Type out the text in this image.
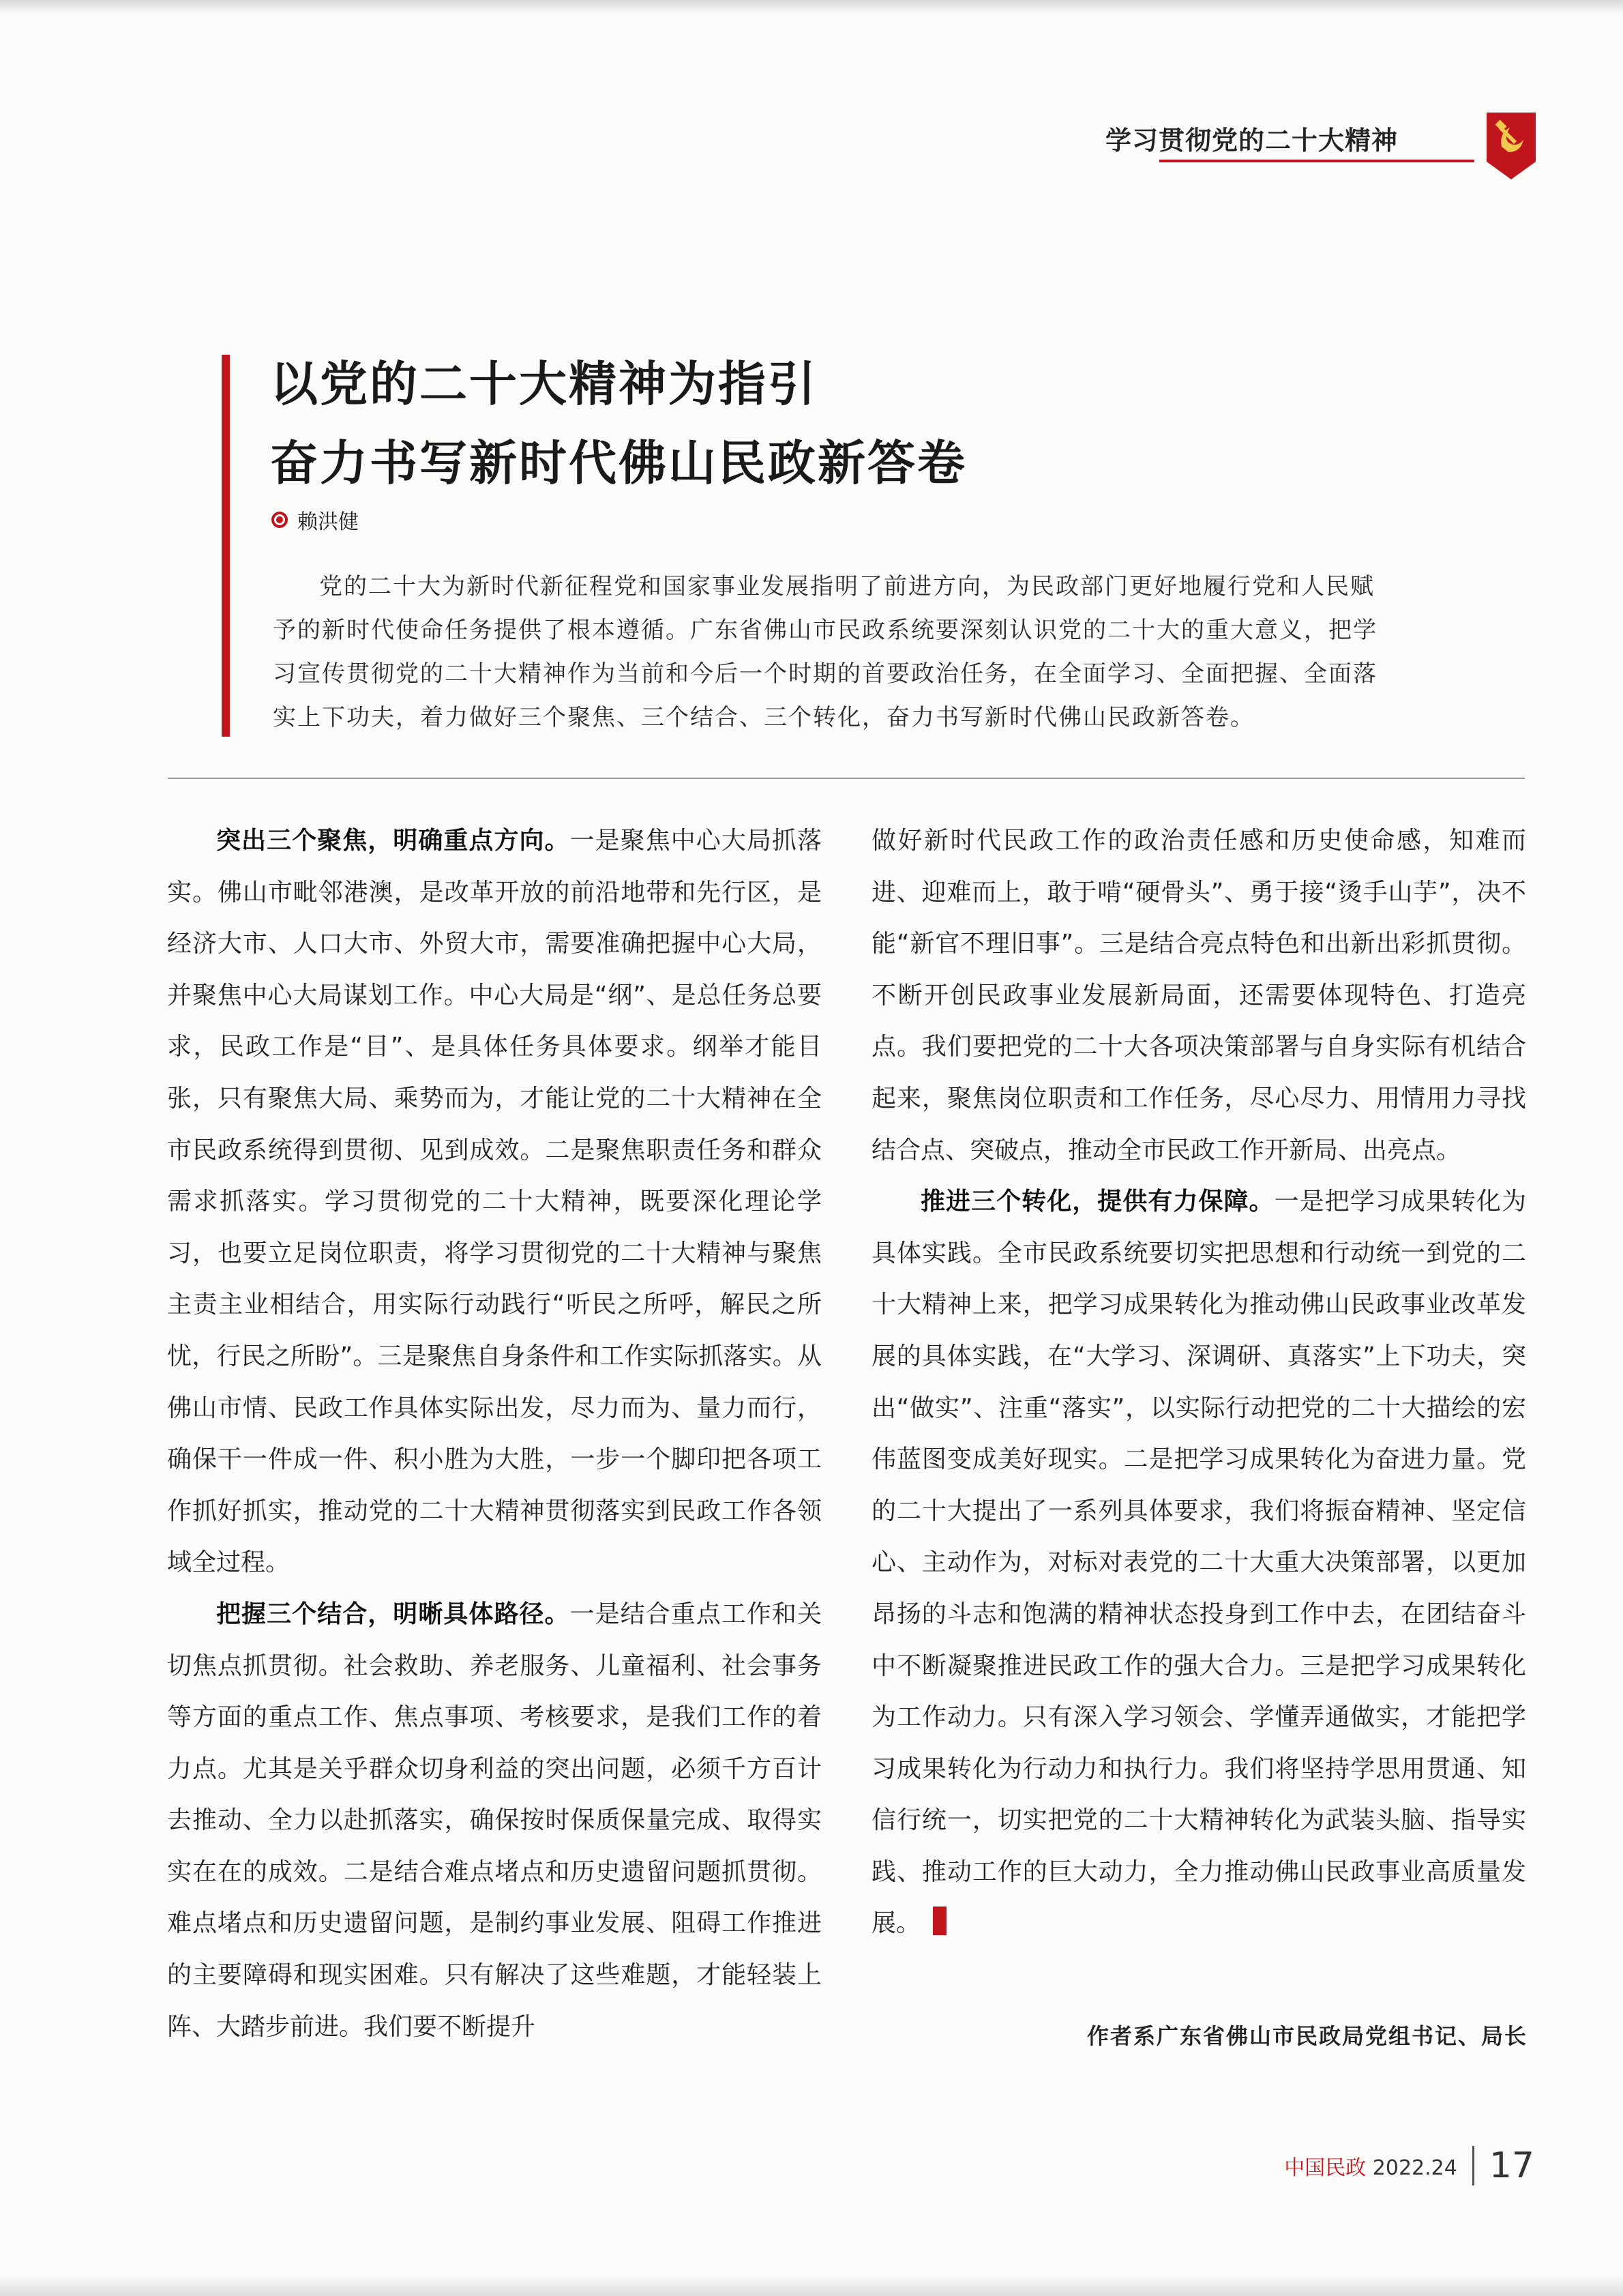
学习贯彻党的二十大精神
以党的二十大精神为指引
奋力书写新时代佛山民政新答卷
赖洪健
党的二十大为新时代新征程党和国家事业发展指明了前进方向，为民政部门更好地履行党和人民赋予的新时代使命任务提供了根本遵循。广东省佛山市民政系统要深刻认识党的二十大的重大意义，把学习宣传贯彻党的二十大精神作为当前和今后一个时期的首要政治任务，在全面学习、全面把握、全面落实上下功夫，着力做好三个聚焦、三个结合、三个转化，奋力书写新时代佛山民政新答卷。

突出三个聚焦，明确重点方向。一是聚焦中心大局抓落实。佛山市毗邻港澳，是改革开放的前沿地带和先行区，是经济大市、人口大市、外贸大市，需要准确把握中心大局，并聚焦中心大局谋划工作。中心大局是“纲”、是总任务总要求，民政工作是“目”、是具体任务具体要求。纲举才能目张，只有聚焦大局、乘势而为，才能让党的二十大精神在全市民政系统得到贯彻、见到成效。二是聚焦职责任务和群众需求抓落实。学习贯彻党的二十大精神，既要深化理论学习，也要立足岗位职责，将学习贯彻党的二十大精神与聚焦主责主业相结合，用实际行动践行“听民之所呼，解民之所忧，行民之所盼”。三是聚焦自身条件和工作实际抓落实。从佛山市情、民政工作具体实际出发，尽力而为、量力而行，确保干一件成一件、积小胜为大胜，一步一个脚印把各项工作抓好抓实，推动党的二十大精神贯彻落实到民政工作各领域全过程。

把握三个结合，明晰具体路径。一是结合重点工作和关切焦点抓贯彻。社会救助、养老服务、儿童福利、社会事务等方面的重点工作、焦点事项、考核要求，是我们工作的着力点。尤其是关乎群众切身利益的突出问题，必须千方百计去推动、全力以赴抓落实，确保按时保质保量完成、取得实实在在的成效。二是结合难点堵点和历史遗留问题抓贯彻。难点堵点和历史遗留问题，是制约事业发展、阻碍工作推进的主要障碍和现实困难。只有解决了这些难题，才能轻装上阵、大踏步前进。我们要不断提升

做好新时代民政工作的政治责任感和历史使命感，知难而进、迎难而上，敢于啃“硬骨头”、勇于接“烫手山芋”，决不能“新官不理旧事”。三是结合亮点特色和出新出彩抓贯彻。不断开创民政事业发展新局面，还需要体现特色、打造亮点。我们要把党的二十大各项决策部署与自身实际有机结合起来，聚焦岗位职责和工作任务，尽心尽力、用情用力寻找结合点、突破点，推动全市民政工作开新局、出亮点。

推进三个转化，提供有力保障。一是把学习成果转化为具体实践。全市民政系统要切实把思想和行动统一到党的二十大精神上来，把学习成果转化为推动佛山民政事业改革发展的具体实践，在“大学习、深调研、真落实”上下功夫，突出“做实”、注重“落实”，以实际行动把党的二十大描绘的宏伟蓝图变成美好现实。二是把学习成果转化为奋进力量。党的二十大提出了一系列具体要求，我们将振奋精神、坚定信心、主动作为，对标对表党的二十大重大决策部署，以更加昂扬的斗志和饱满的精神状态投身到工作中去，在团结奋斗中不断凝聚推进民政工作的强大合力。三是把学习成果转化为工作动力。只有深入学习领会、学懂弄通做实，才能把学习成果转化为行动力和执行力。我们将坚持学思用贯通、知信行统一，切实把党的二十大精神转化为武装头脑、指导实践、推动工作的巨大动力，全力推动佛山民政事业高质量发展。

作者系广东省佛山市民政局党组书记、局长
中国民政 2022.24 17
